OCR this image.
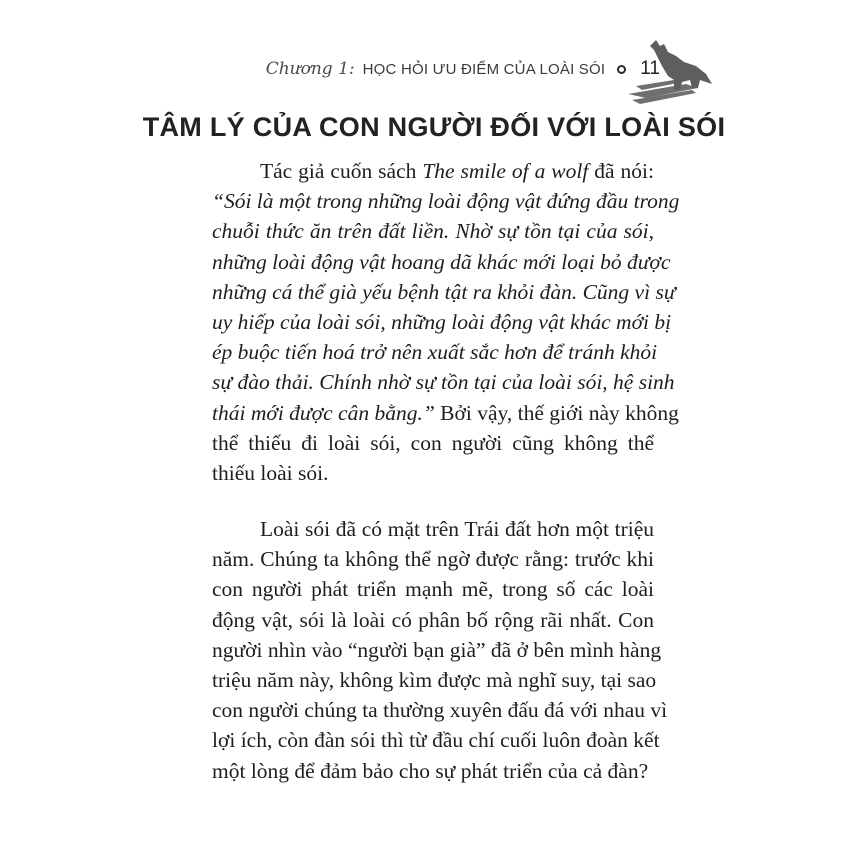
Chương 1: HỌC HỎI ƯU ĐIỂM CỦA LOÀI SÓI 11
TÂM LÝ CỦA CON NGƯỜI ĐỐI VỚI LOÀI SÓI
Tác giả cuốn sách The smile of a wolf đã nói:
“Sói là một trong những loài động vật đứng đầu trong
chuỗi thức ăn trên đất liền. Nhờ sự tồn tại của sói,
những loài động vật hoang dã khác mới loại bỏ được
những cá thể già yếu bệnh tật ra khỏi đàn. Cũng vì sự
uy hiếp của loài sói, những loài động vật khác mới bị
ép buộc tiến hoá trở nên xuất sắc hơn để tránh khỏi
sự đào thải. Chính nhờ sự tồn tại của loài sói, hệ sinh
thái mới được cân bằng.” Bởi vậy, thế giới này không
thể thiếu đi loài sói, con người cũng không thể
thiếu loài sói.
Loài sói đã có mặt trên Trái đất hơn một triệu
năm. Chúng ta không thể ngờ được rằng: trước khi
con người phát triển mạnh mẽ, trong số các loài
động vật, sói là loài có phân bố rộng rãi nhất. Con
người nhìn vào “người bạn già” đã ở bên mình hàng
triệu năm này, không kìm được mà nghĩ suy, tại sao
con người chúng ta thường xuyên đấu đá với nhau vì
lợi ích, còn đàn sói thì từ đầu chí cuối luôn đoàn kết
một lòng để đảm bảo cho sự phát triển của cả đàn?
